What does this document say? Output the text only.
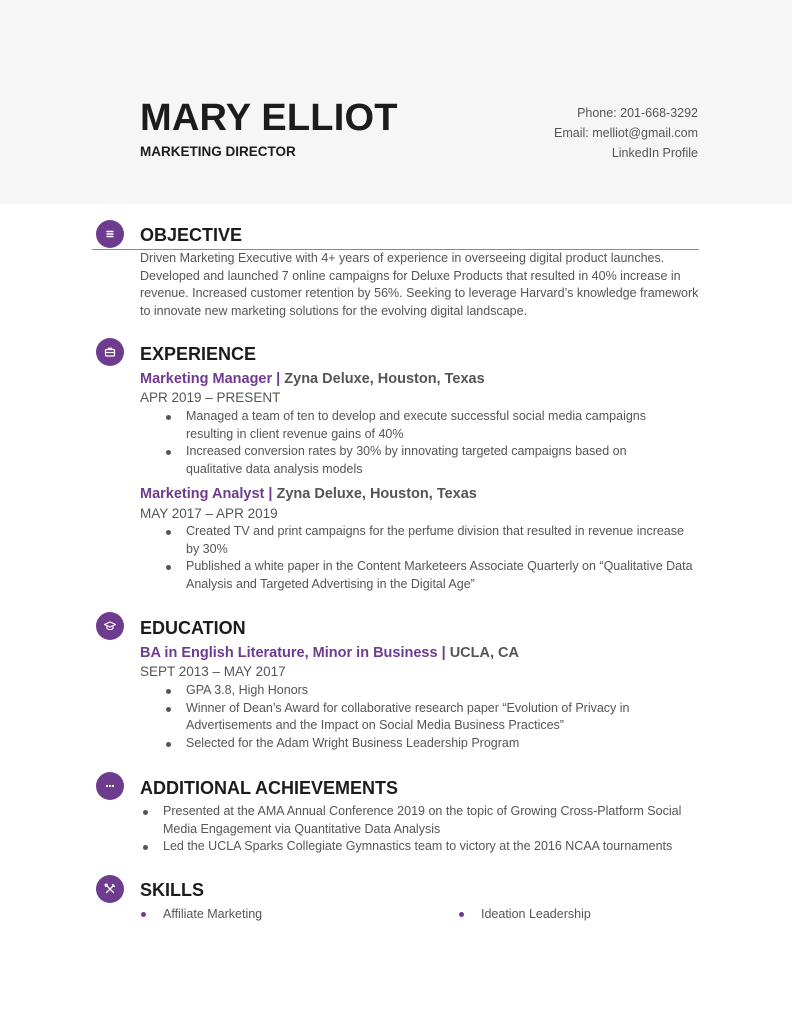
MARY ELLIOT
MARKETING DIRECTOR
Phone: 201-668-3292
Email: melliot@gmail.com
LinkedIn Profile
OBJECTIVE
Driven Marketing Executive with 4+ years of experience in overseeing digital product launches. Developed and launched 7 online campaigns for Deluxe Products that resulted in 40% increase in revenue. Increased customer retention by 56%. Seeking to leverage Harvard’s knowledge framework to innovate new marketing solutions for the evolving digital landscape.
EXPERIENCE
Marketing Manager | Zyna Deluxe, Houston, Texas
APR 2019 – PRESENT
Managed a team of ten to develop and execute successful social media campaigns resulting in client revenue gains of 40%
Increased conversion rates by 30% by innovating targeted campaigns based on qualitative data analysis models
Marketing Analyst | Zyna Deluxe, Houston, Texas
MAY 2017 – APR 2019
Created TV and print campaigns for the perfume division that resulted in revenue increase by 30%
Published a white paper in the Content Marketeers Associate Quarterly on “Qualitative Data Analysis and Targeted Advertising in the Digital Age”
EDUCATION
BA in English Literature, Minor in Business | UCLA, CA
SEPT 2013 – MAY 2017
GPA 3.8, High Honors
Winner of Dean’s Award for collaborative research paper “Evolution of Privacy in Advertisements and the Impact on Social Media Business Practices”
Selected for the Adam Wright Business Leadership Program
ADDITIONAL ACHIEVEMENTS
Presented at the AMA Annual Conference 2019 on the topic of Growing Cross-Platform Social Media Engagement via Quantitative Data Analysis
Led the UCLA Sparks Collegiate Gymnastics team to victory at the 2016 NCAA tournaments
SKILLS
Affiliate Marketing	Ideation Leadership
